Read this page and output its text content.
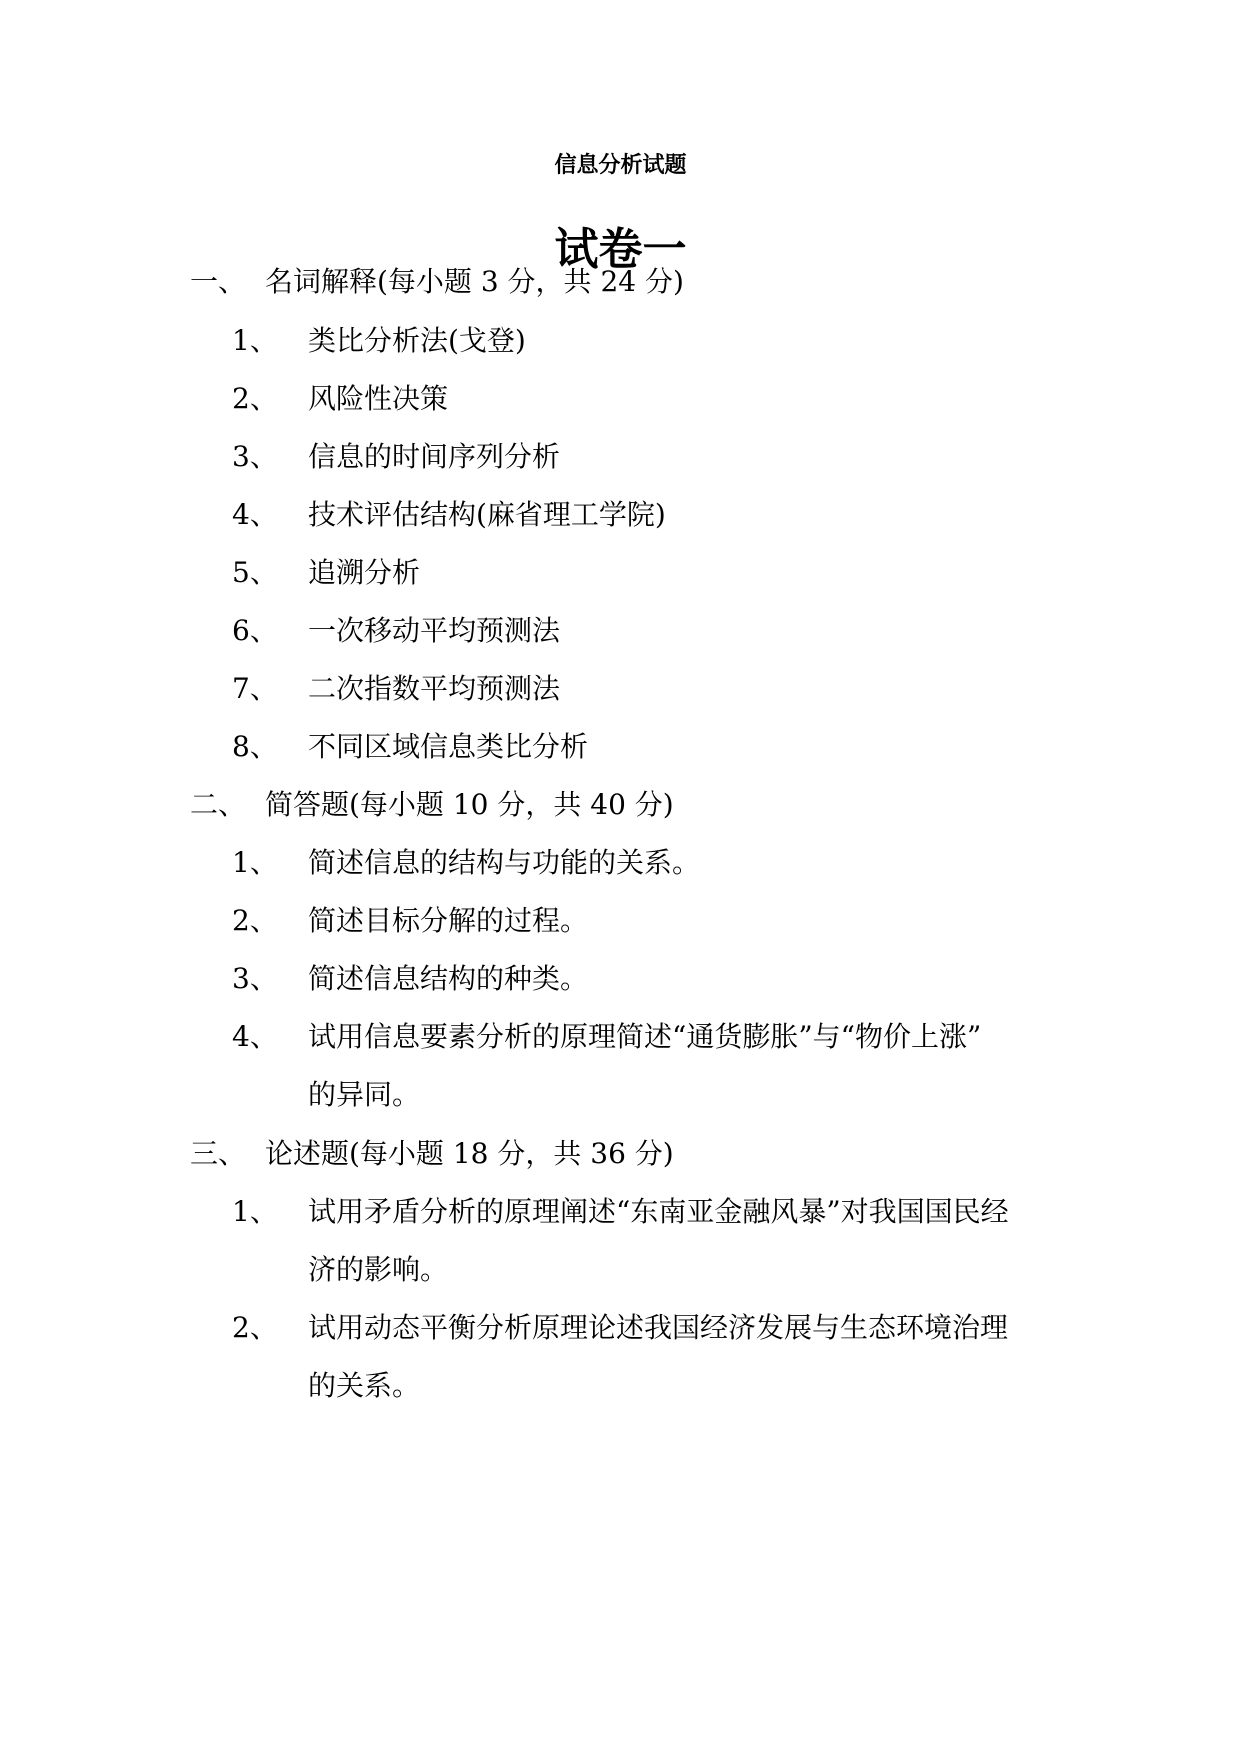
信息分析试题
试卷一
一、 名词解释(每小题 3 分，共 24 分)
1、 类比分析法(戈登)
2、 风险性决策
3、 信息的时间序列分析
4、 技术评估结构(麻省理工学院)
5、 追溯分析
6、 一次移动平均预测法
7、 二次指数平均预测法
8、 不同区域信息类比分析
二、 简答题(每小题 10 分，共 40 分)
1、 简述信息的结构与功能的关系。
2、 简述目标分解的过程。
3、 简述信息结构的种类。
4、 试用信息要素分析的原理简述“通货膨胀”与“物价上涨”
的异同。
三、 论述题(每小题 18 分，共 36 分)
1、 试用矛盾分析的原理阐述“东南亚金融风暴”对我国国民经
济的影响。
2、 试用动态平衡分析原理论述我国经济发展与生态环境治理
的关系。
